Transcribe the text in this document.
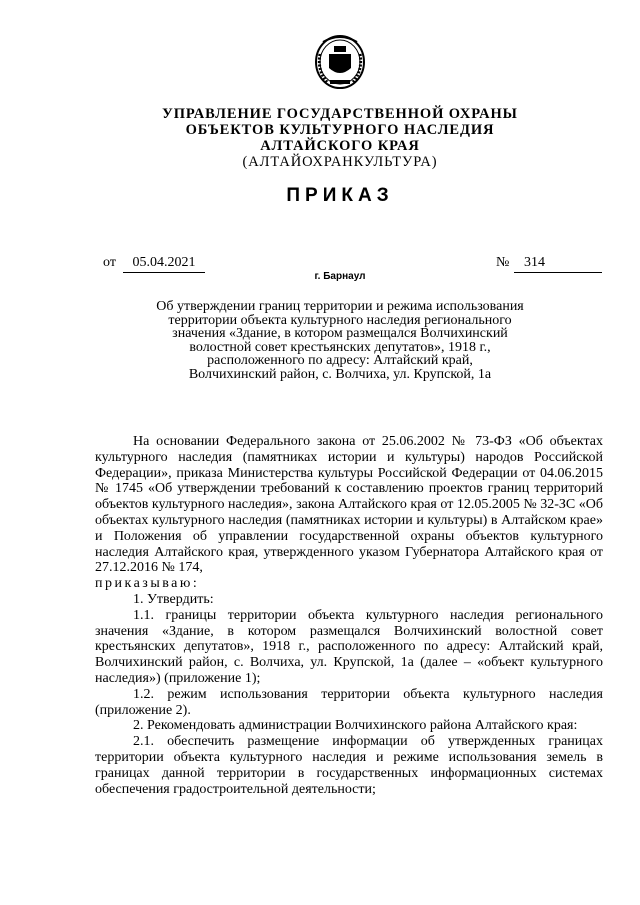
УПРАВЛЕНИЕ ГОСУДАРСТВЕННОЙ ОХРАНЫ
ОБЪЕКТОВ КУЛЬТУРНОГО НАСЛЕДИЯ
АЛТАЙСКОГО КРАЯ
(АЛТАЙОХРАНКУЛЬТУРА)
ПРИКАЗ
от	05.04.2021	№	314
г. Барнаул
Об утверждении границ территории и режима использования
территории объекта культурного наследия регионального
значения «Здание, в котором размещался Волчихинский
волостной совет крестьянских депутатов», 1918 г.,
расположенного по адресу: Алтайский край,
Волчихинский район, с. Волчиха, ул. Крупской, 1а

На основании Федерального закона от 25.06.2002 № 73-ФЗ «Об объектах культурного наследия (памятниках истории и культуры) народов Российской Федерации», приказа Министерства культуры Российской Федерации от 04.06.2015 № 1745 «Об утверждении требований к составлению проектов границ территорий объектов культурного наследия», закона Алтайского края от 12.05.2005 № 32-ЗС «Об объектах культурного наследия (памятниках истории и культуры) в Алтайском крае» и Положения об управлении государственной охраны объектов культурного наследия Алтайского края, утвержденного указом Губернатора Алтайского края от 27.12.2016 № 174,

приказываю:

1. Утвердить:

1.1. границы территории объекта культурного наследия регионального значения «Здание, в котором размещался Волчихинский волостной совет крестьянских депутатов», 1918 г., расположенного по адресу: Алтайский край, Волчихинский район, с. Волчиха, ул. Крупской, 1а (далее – «объект культурного наследия») (приложение 1);

1.2. режим использования территории объекта культурного наследия (приложение 2).

2. Рекомендовать администрации Волчихинского района Алтайского края:

2.1. обеспечить размещение информации об утвержденных границах территории объекта культурного наследия и режиме использования земель в границах данной территории в государственных информационных системах обеспечения градостроительной деятельности;
